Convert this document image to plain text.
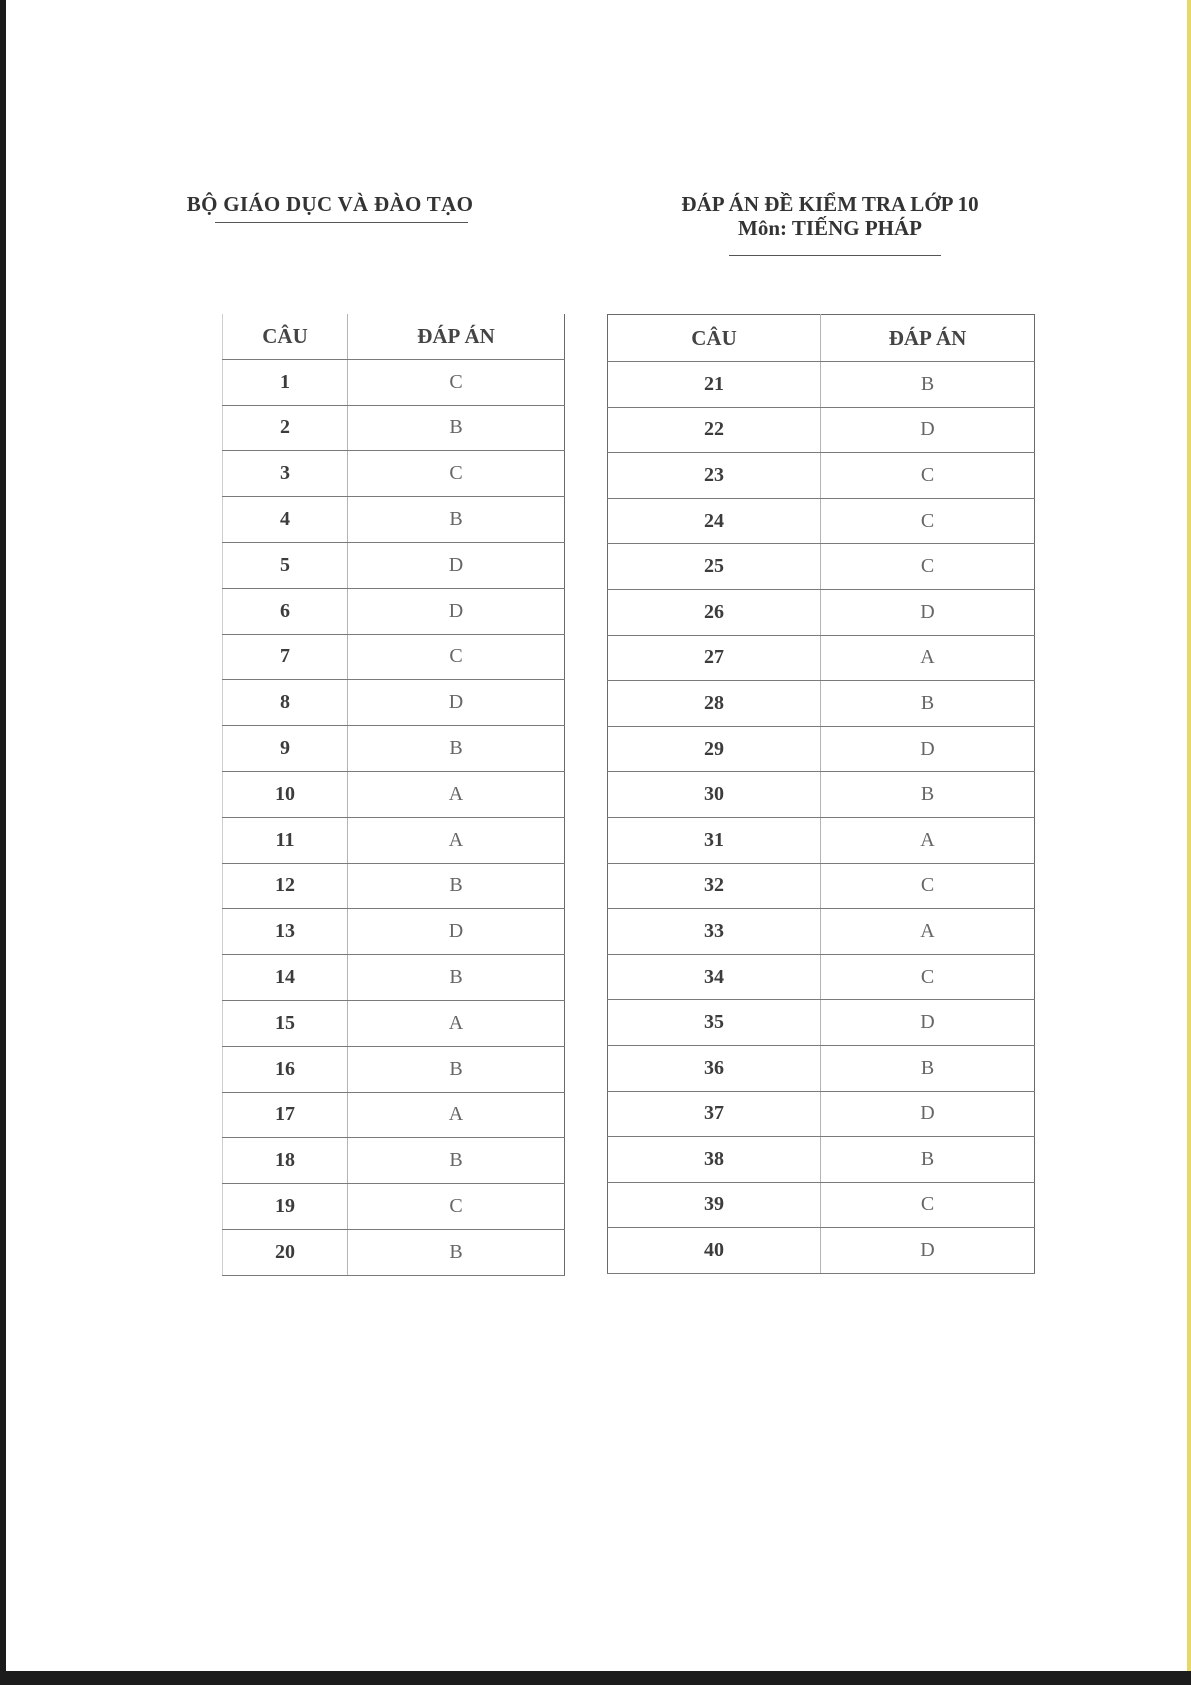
BỘ GIÁO DỤC VÀ ĐÀO TẠO	ĐÁP ÁN ĐỀ KIỂM TRA LỚP 10
Môn: TIẾNG PHÁP
CÂU	ĐÁP ÁN
1	C
2	B
3	C
4	B
5	D
6	D
7	C
8	D
9	B
10	A
11	A
12	B
13	D
14	B
15	A
16	B
17	A
18	B
19	C
20	B
CÂU	ĐÁP ÁN
21	B
22	D
23	C
24	C
25	C
26	D
27	A
28	B
29	D
30	B
31	A
32	C
33	A
34	C
35	D
36	B
37	D
38	B
39	C
40	D
